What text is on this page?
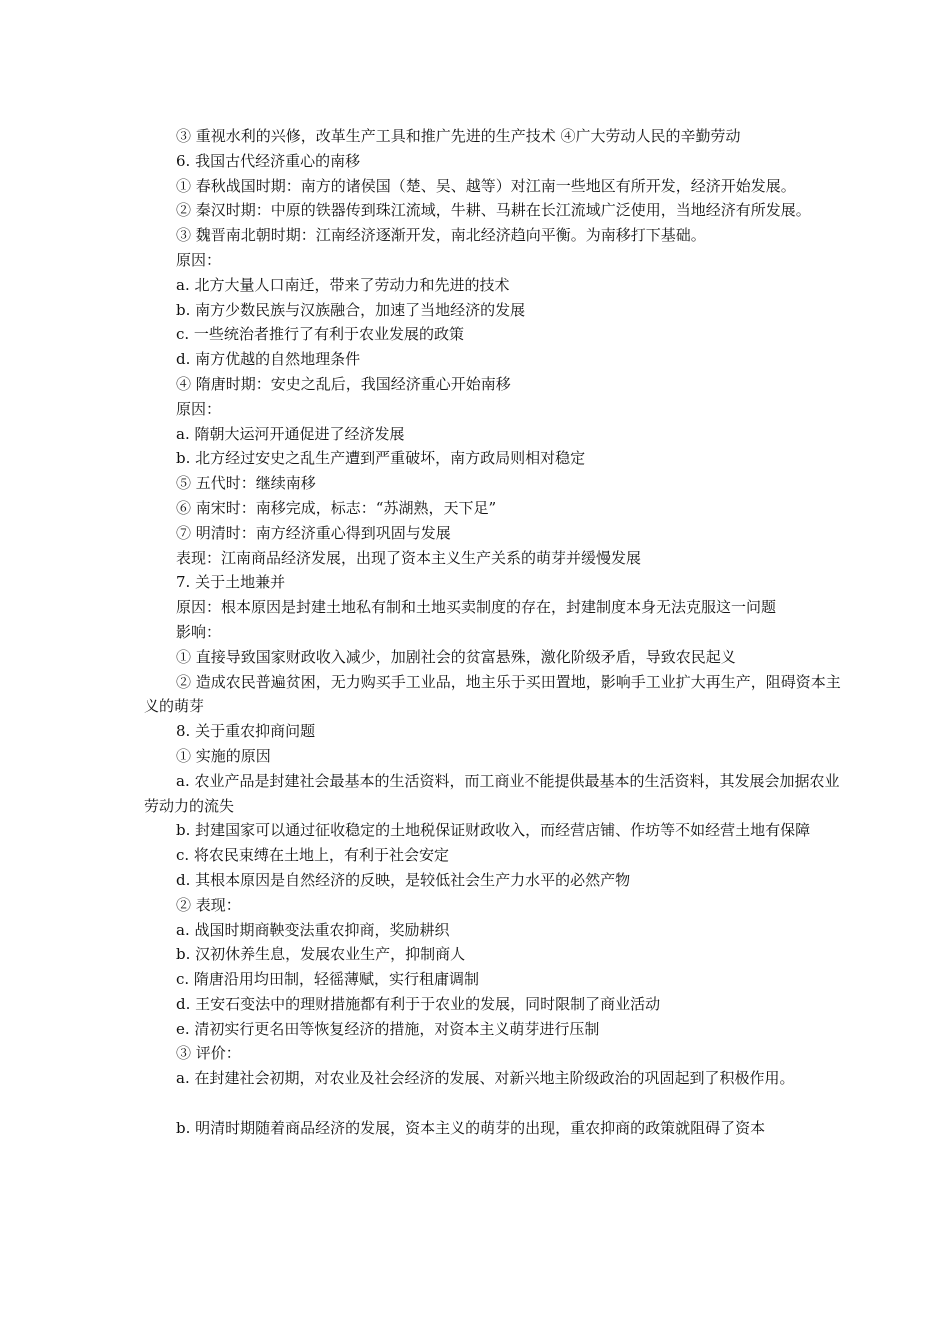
③ 重视水利的兴修，改革生产工具和推广先进的生产技术 ④广大劳动人民的辛勤劳动

6. 我国古代经济重心的南移

① 春秋战国时期：南方的诸侯国（楚、吴、越等）对江南一些地区有所开发，经济开始发展。

② 秦汉时期：中原的铁器传到珠江流域，牛耕、马耕在长江流域广泛使用，当地经济有所发展。

③ 魏晋南北朝时期：江南经济逐渐开发，南北经济趋向平衡。为南移打下基础。

原因：

a. 北方大量人口南迁，带来了劳动力和先进的技术

b. 南方少数民族与汉族融合，加速了当地经济的发展

c. 一些统治者推行了有利于农业发展的政策

d. 南方优越的自然地理条件

④ 隋唐时期：安史之乱后，我国经济重心开始南移

原因：

a. 隋朝大运河开通促进了经济发展

b. 北方经过安史之乱生产遭到严重破坏，南方政局则相对稳定

⑤ 五代时：继续南移

⑥ 南宋时：南移完成，标志：“苏湖熟，天下足”

⑦ 明清时：南方经济重心得到巩固与发展

表现：江南商品经济发展，出现了资本主义生产关系的萌芽并缓慢发展

7. 关于土地兼并

原因：根本原因是封建土地私有制和土地买卖制度的存在，封建制度本身无法克服这一问题

影响：

① 直接导致国家财政收入减少，加剧社会的贫富悬殊，激化阶级矛盾，导致农民起义

② 造成农民普遍贫困，无力购买手工业品，地主乐于买田置地，影响手工业扩大再生产，阻碍资本主义的萌芽

8. 关于重农抑商问题

① 实施的原因

a. 农业产品是封建社会最基本的生活资料，而工商业不能提供最基本的生活资料，其发展会加据农业劳动力的流失

b. 封建国家可以通过征收稳定的土地税保证财政收入，而经营店铺、作坊等不如经营土地有保障

c. 将农民束缚在土地上，有利于社会安定

d. 其根本原因是自然经济的反映，是较低社会生产力水平的必然产物

② 表现：

a. 战国时期商鞅变法重农抑商，奖励耕织

b. 汉初休养生息，发展农业生产，抑制商人

c. 隋唐沿用均田制，轻徭薄赋，实行租庸调制

d. 王安石变法中的理财措施都有利于于农业的发展，同时限制了商业活动

e. 清初实行更名田等恢复经济的措施，对资本主义萌芽进行压制

③ 评价：

a. 在封建社会初期，对农业及社会经济的发展、对新兴地主阶级政治的巩固起到了积极作用。

b. 明清时期随着商品经济的发展，资本主义的萌芽的出现，重农抑商的政策就阻碍了资本
